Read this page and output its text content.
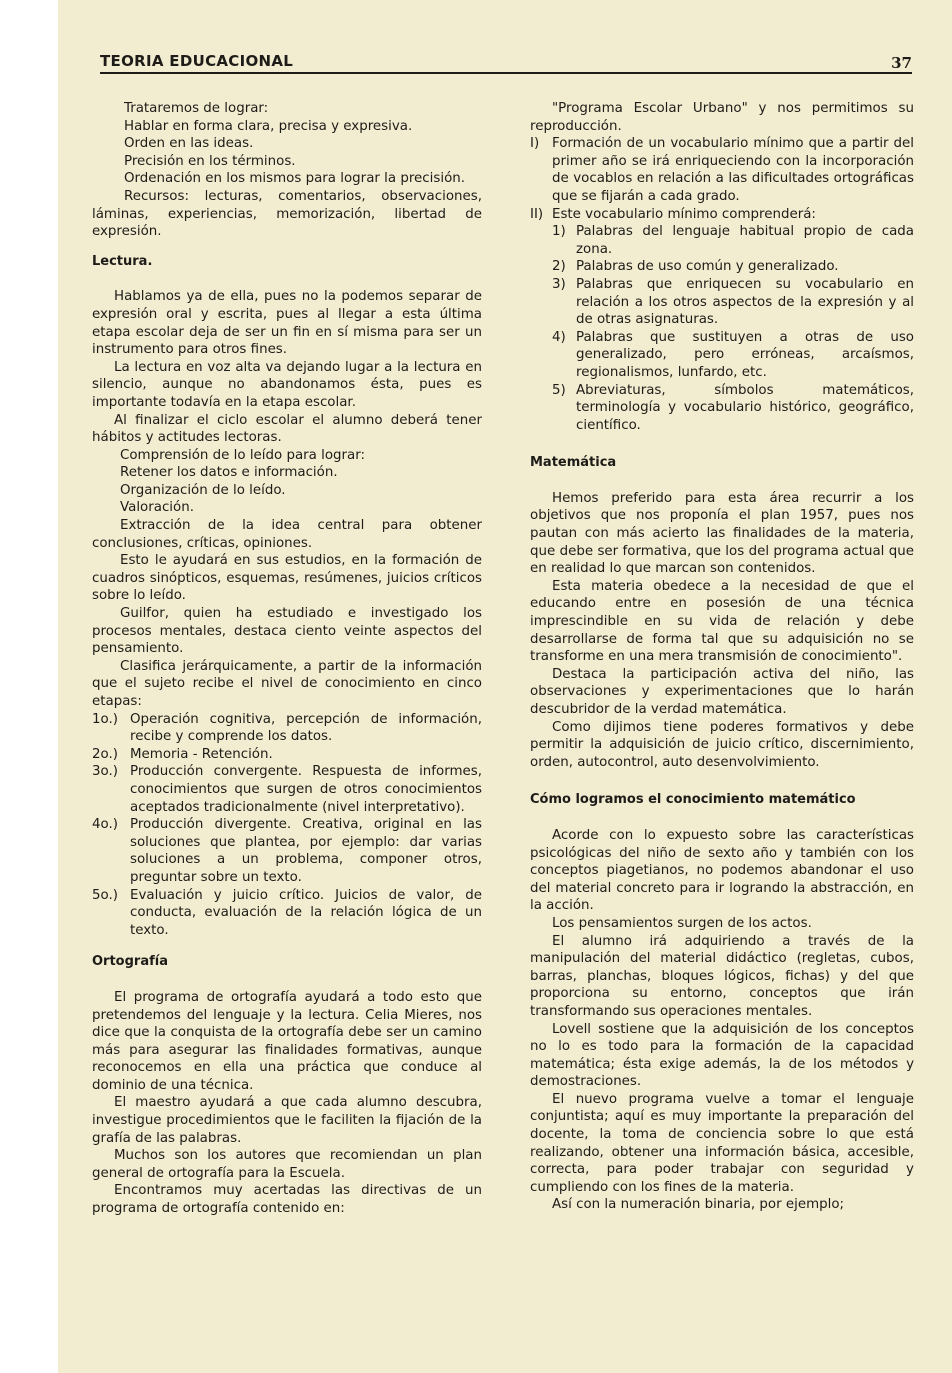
TEORIA EDUCACIONAL	37

Trataremos de lograr:

Hablar en forma clara, precisa y expresiva.

Orden en las ideas.

Precisión en los términos.

Ordenación en los mismos para lograr la precisión.

Recursos: lecturas, comentarios, observaciones, láminas, experiencias, memorización, libertad de expresión.

Lectura.

Hablamos ya de ella, pues no la podemos separar de expresión oral y escrita, pues al llegar a esta última etapa escolar deja de ser un fin en sí misma para ser un instrumento para otros fines.

La lectura en voz alta va dejando lugar a la lectura en silencio, aunque no abandonamos ésta, pues es importante todavía en la etapa escolar.

Al finalizar el ciclo escolar el alumno deberá tener hábitos y actitudes lectoras.

Comprensión de lo leído para lograr:

Retener los datos e información.

Organización de lo leído.

Valoración.

Extracción de la idea central para obtener conclusiones, críticas, opiniones.

Esto le ayudará en sus estudios, en la formación de cuadros sinópticos, esquemas, resúmenes, juicios críticos sobre lo leído.

Guilfor, quien ha estudiado e investigado los procesos mentales, destaca ciento veinte aspectos del pensamiento.

Clasifica jerárquicamente, a partir de la información que el sujeto recibe el nivel de conocimiento en cinco etapas:

1o.) Operación cognitiva, percepción de información, recibe y comprende los datos.
2o.) Memoria - Retención.
3o.) Producción convergente. Respuesta de informes, conocimientos que surgen de otros conocimientos aceptados tradicionalmente (nivel interpretativo).
4o.) Producción divergente. Creativa, original en las soluciones que plantea, por ejemplo: dar varias soluciones a un problema, componer otros, preguntar sobre un texto.
5o.) Evaluación y juicio crítico. Juicios de valor, de conducta, evaluación de la relación lógica de un texto.
Ortografía

El programa de ortografía ayudará a todo esto que pretendemos del lenguaje y la lectura. Celia Mieres, nos dice que la conquista de la ortografía debe ser un camino más para asegurar las finalidades formativas, aunque reconocemos en ella una práctica que conduce al dominio de una técnica.

El maestro ayudará a que cada alumno descubra, investigue procedimientos que le faciliten la fijación de la grafía de las palabras.

Muchos son los autores que recomiendan un plan general de ortografía para la Escuela.

Encontramos muy acertadas las directivas de un programa de ortografía contenido en:

"Programa Escolar Urbano" y nos permitimos su reproducción.

I) Formación de un vocabulario mínimo que a partir del primer año se irá enriqueciendo con la incorporación de vocablos en relación a las dificultades ortográficas que se fijarán a cada grado.
II) Este vocabulario mínimo comprenderá:
1) Palabras del lenguaje habitual propio de cada zona.
2) Palabras de uso común y generalizado.
3) Palabras que enriquecen su vocabulario en relación a los otros aspectos de la expresión y al de otras asignaturas.
4) Palabras que sustituyen a otras de uso generalizado, pero erróneas, arcaísmos, regionalismos, lunfardo, etc.
5) Abreviaturas, símbolos matemáticos, terminología y vocabulario histórico, geográfico, científico.
Matemática

Hemos preferido para esta área recurrir a los objetivos que nos proponía el plan 1957, pues nos pautan con más acierto las finalidades de la materia, que debe ser formativa, que los del programa actual que en realidad lo que marcan son contenidos.

Esta materia obedece a la necesidad de que el educando entre en posesión de una técnica imprescindible en su vida de relación y debe desarrollarse de forma tal que su adquisición no se transforme en una mera transmisión de conocimiento".

Destaca la participación activa del niño, las observaciones y experimentaciones que lo harán descubridor de la verdad matemática.

Como dijimos tiene poderes formativos y debe permitir la adquisición de juicio crítico, discernimiento, orden, autocontrol, auto desenvolvimiento.

Cómo logramos el conocimiento matemático

Acorde con lo expuesto sobre las características psicológicas del niño de sexto año y también con los conceptos piagetianos, no podemos abandonar el uso del material concreto para ir logrando la abstracción, en la acción.

Los pensamientos surgen de los actos.

El alumno irá adquiriendo a través de la manipulación del material didáctico (regletas, cubos, barras, planchas, bloques lógicos, fichas) y del que proporciona su entorno, conceptos que irán transformando sus operaciones mentales.

Lovell sostiene que la adquisición de los conceptos no lo es todo para la formación de la capacidad matemática; ésta exige además, la de los métodos y demostraciones.

El nuevo programa vuelve a tomar el lenguaje conjuntista; aquí es muy importante la preparación del docente, la toma de conciencia sobre lo que está realizando, obtener una información básica, accesible, correcta, para poder trabajar con seguridad y cumpliendo con los fines de la materia.

Así con la numeración binaria, por ejemplo;
